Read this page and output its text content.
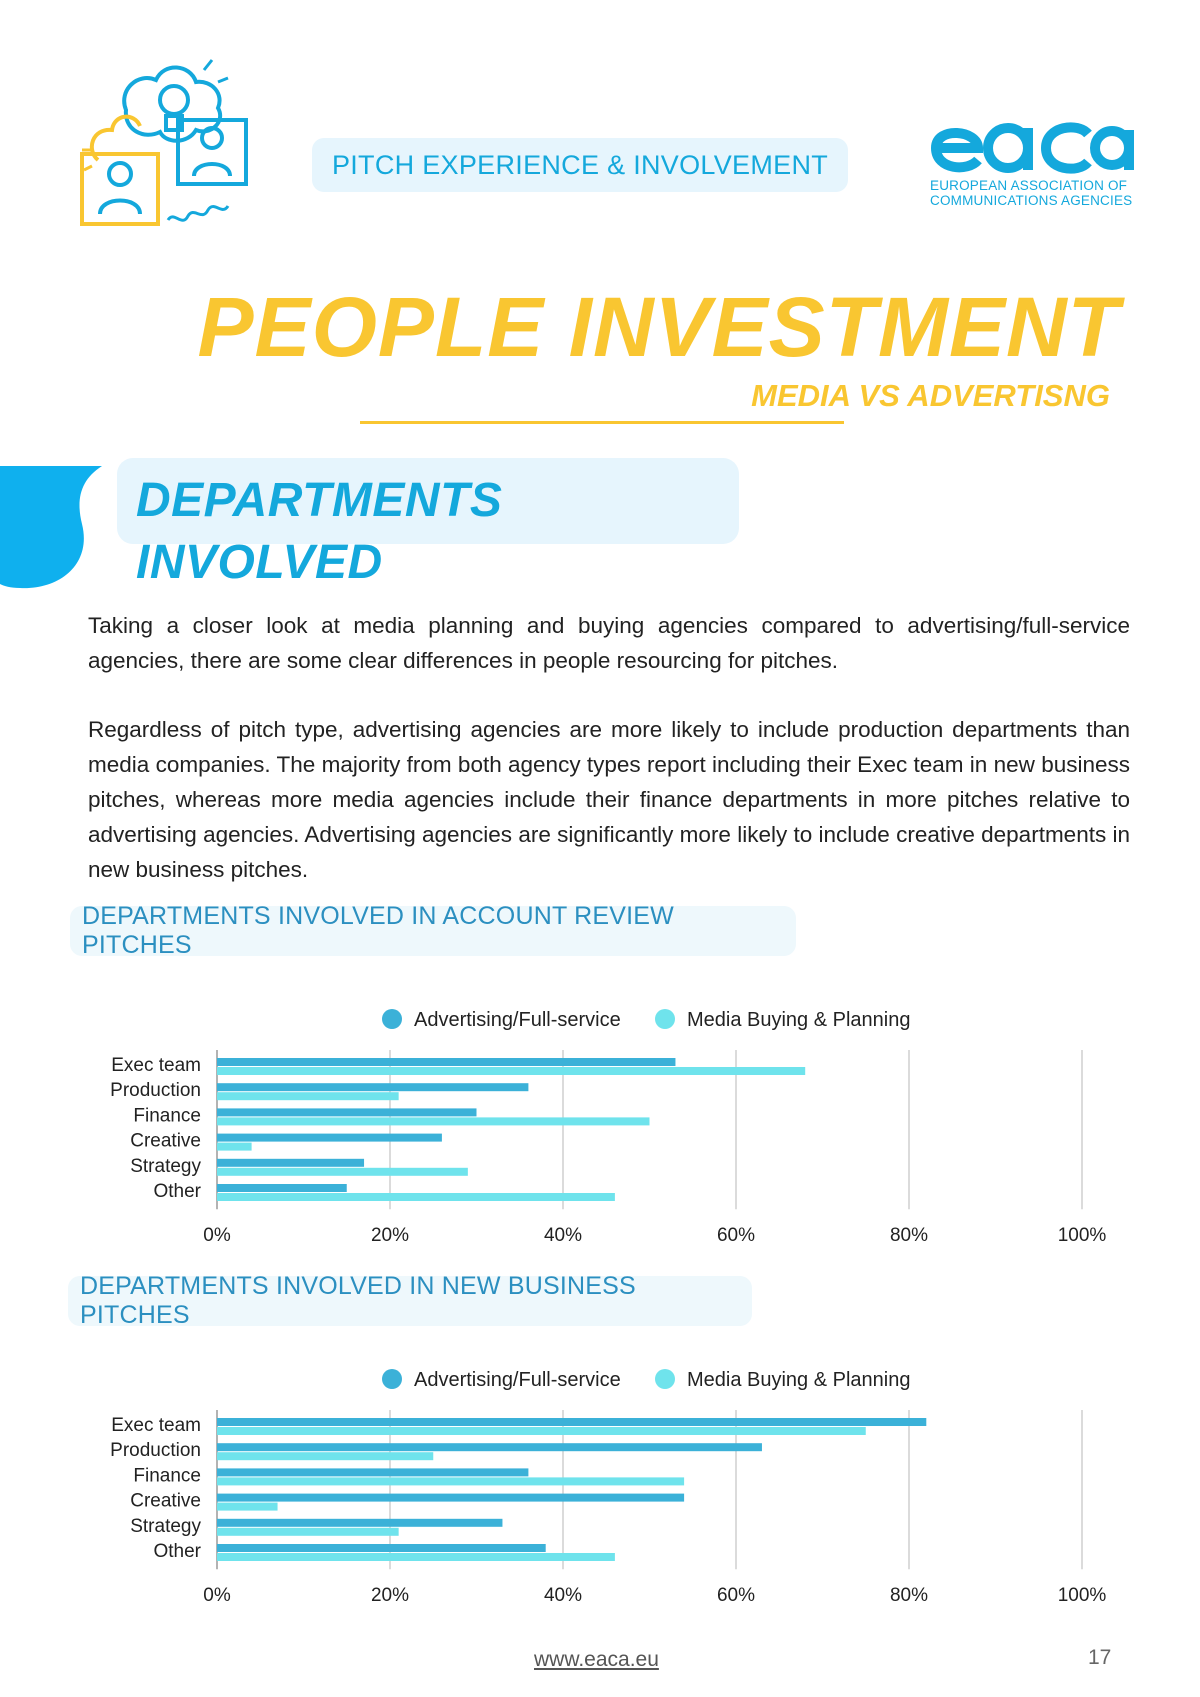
PITCH EXPERIENCE & INVOLVEMENT
EUROPEAN ASSOCIATION OF COMMUNICATIONS AGENCIES
PEOPLE INVESTMENT
MEDIA VS ADVERTISNG
DEPARTMENTS INVOLVED
Taking a closer look at media planning and buying agencies compared to advertising/full-service agencies, there are some clear differences in people resourcing for pitches.
Regardless of pitch type, advertising agencies are more likely to include production departments than media companies. The majority from both agency types report including their Exec team in new business pitches, whereas more media agencies include their finance departments in more pitches relative to advertising agencies. Advertising agencies are significantly more likely to include creative departments in new business pitches.
DEPARTMENTS INVOLVED IN ACCOUNT REVIEW PITCHES
Advertising/Full-service	Media Buying & Planning
0%	20%	40%	60%	80%	100%
Exec team
Production
Finance
Creative
Strategy
Other
DEPARTMENTS INVOLVED IN NEW BUSINESS PITCHES
Advertising/Full-service	Media Buying & Planning
0%	20%	40%	60%	80%	100%
Exec team
Production
Finance
Creative
Strategy
Other
www.eaca.eu	17
